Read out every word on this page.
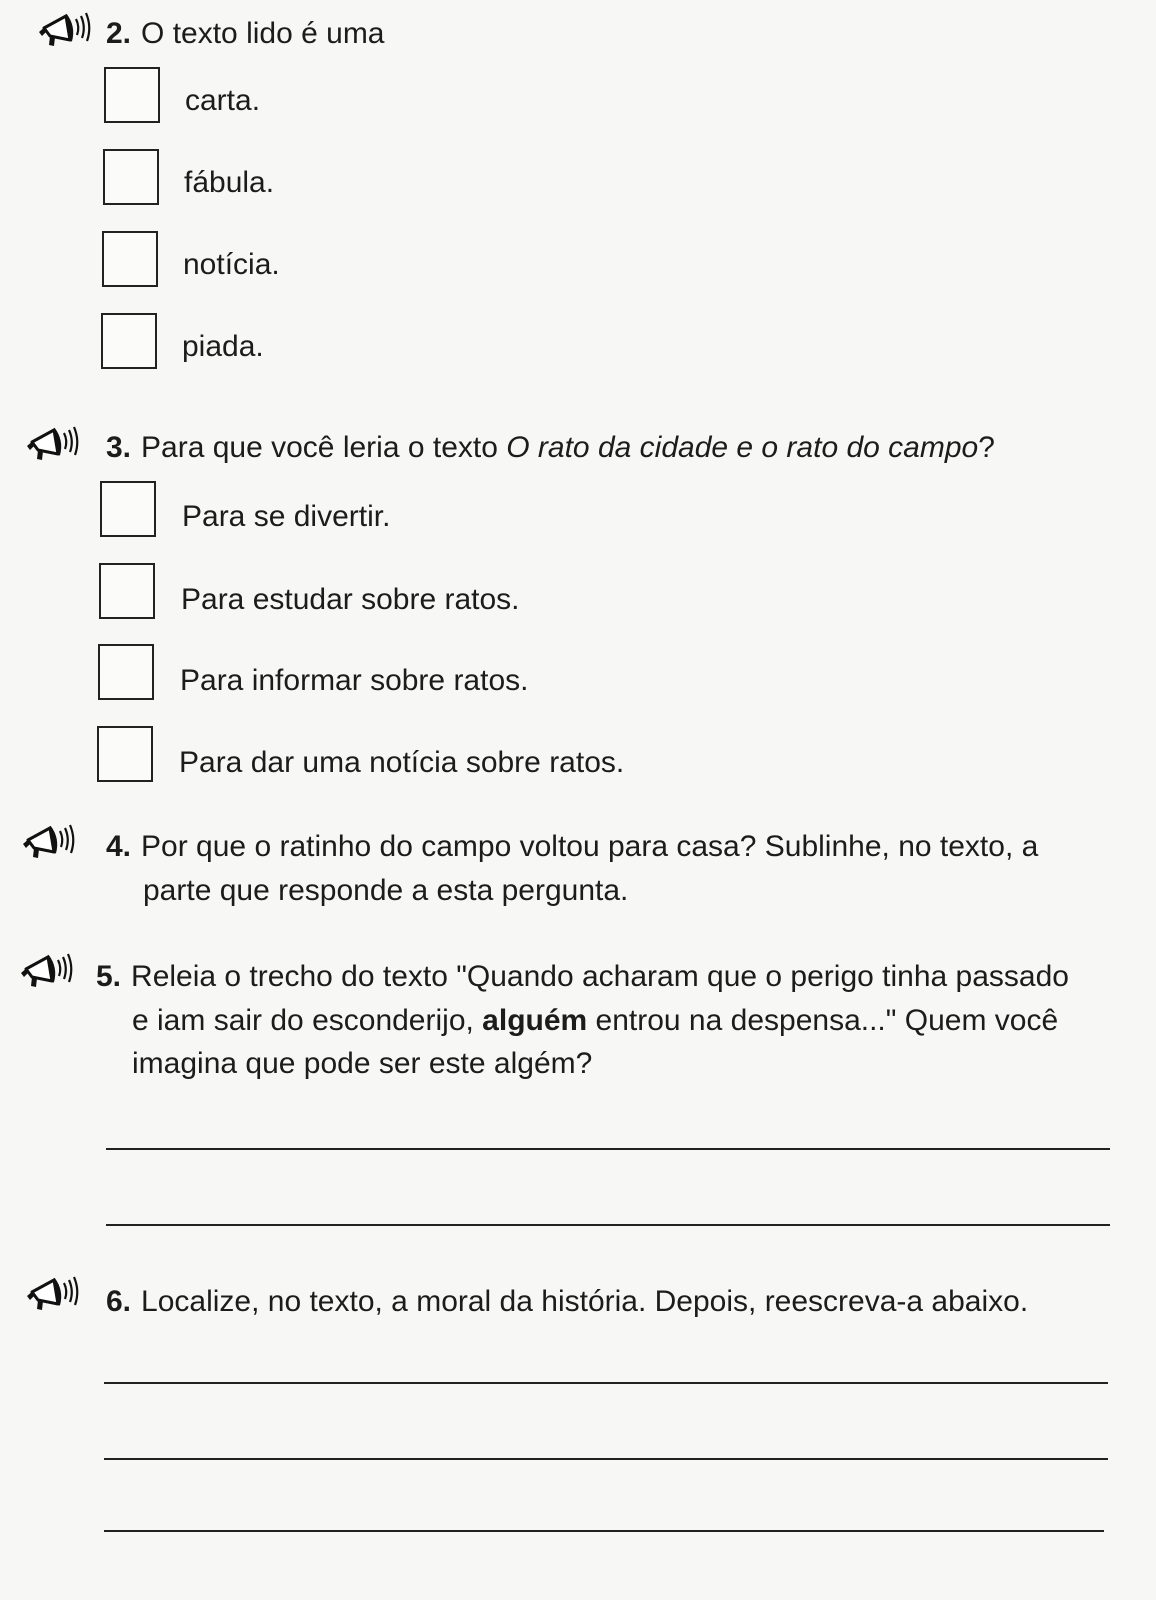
2. O texto lido é uma
carta.
fábula.
notícia.
piada.
3. Para que você leria o texto O rato da cidade e o rato do campo?
Para se divertir.
Para estudar sobre ratos.
Para informar sobre ratos.
Para dar uma notícia sobre ratos.
4. Por que o ratinho do campo voltou para casa? Sublinhe, no texto, a
parte que responde a esta pergunta.
5. Releia o trecho do texto "Quando acharam que o perigo tinha passado
e iam sair do esconderijo, alguém entrou na despensa..." Quem você
imagina que pode ser este algém?
6. Localize, no texto, a moral da história. Depois, reescreva-a abaixo.
